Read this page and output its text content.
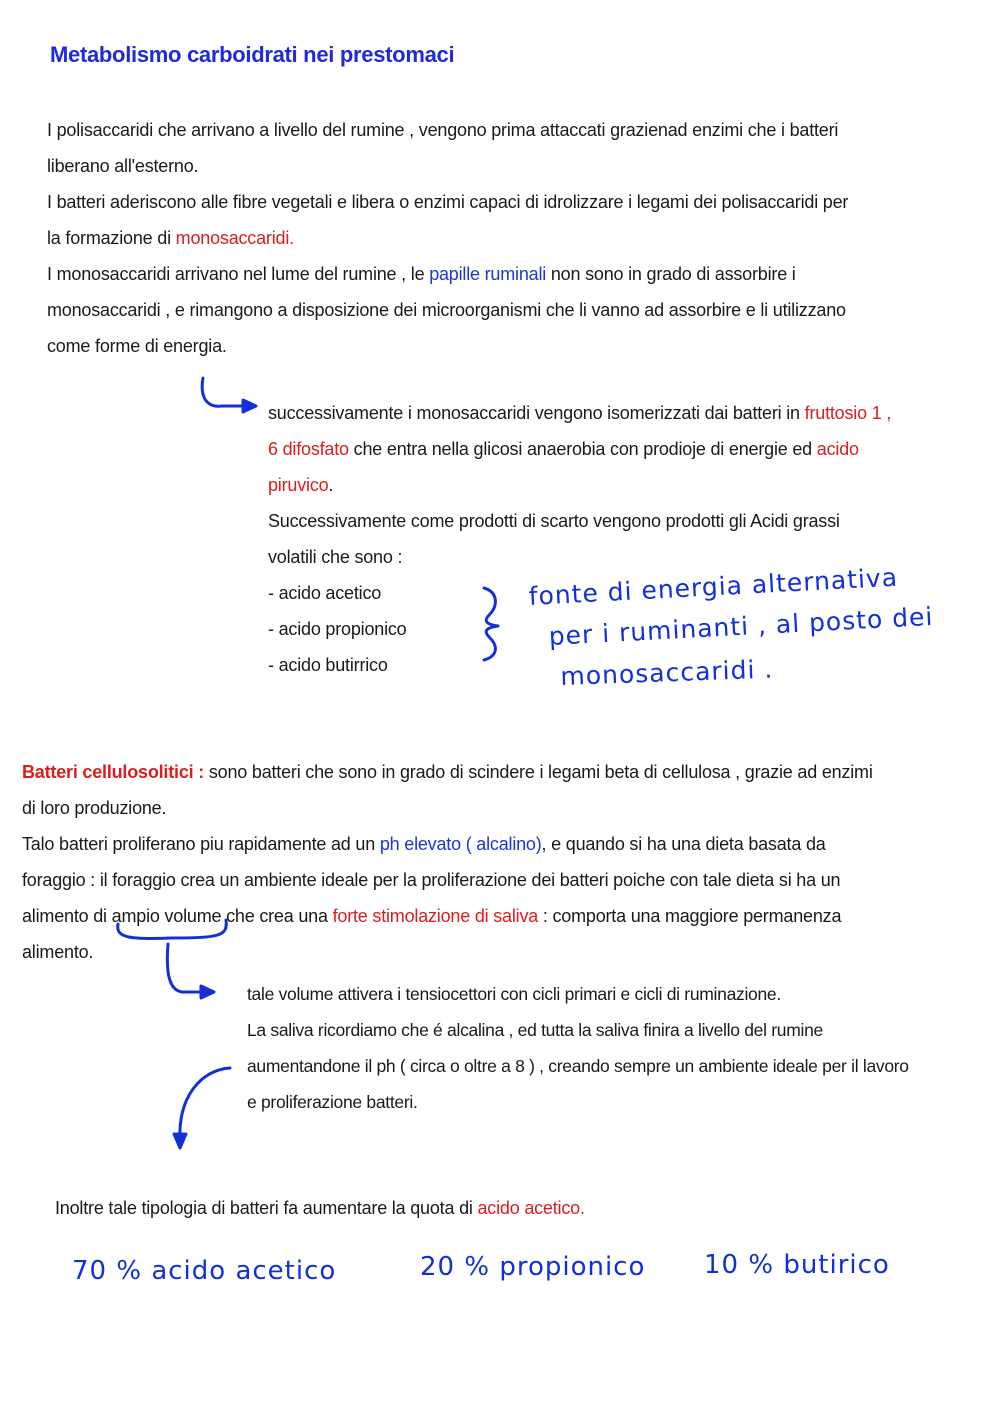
Metabolismo carboidrati nei prestomaci
I polisaccaridi che arrivano a livello del rumine , vengono prima attaccati grazienad enzimi che i batteri
liberano all'esterno.
I batteri aderiscono alle fibre vegetali e libera o enzimi capaci di idrolizzare i legami dei polisaccaridi per
la formazione di monosaccaridi.
I monosaccaridi arrivano nel lume del rumine , le papille ruminali non sono in grado di assorbire i
monosaccaridi , e rimangono a disposizione dei microorganismi che li vanno ad assorbire e li utilizzano
come forme di energia.
successivamente i monosaccaridi vengono isomerizzati dai batteri in fruttosio 1 ,
6 difosfato che entra nella glicosi anaerobia con prodioje di energie ed acido
piruvico.
Successivamente come prodotti di scarto vengono prodotti gli Acidi grassi
volatili che sono :
- acido acetico
- acido propionico
- acido butirrico
fonte di energia alternativa
per i ruminanti , al posto dei
monosaccaridi .
Batteri cellulosolitici : sono batteri che sono in grado di scindere i legami beta di cellulosa , grazie ad enzimi
di loro produzione.
Talo batteri proliferano piu rapidamente ad un ph elevato ( alcalino), e quando si ha una dieta basata da
foraggio : il foraggio crea un ambiente ideale per la proliferazione dei batteri poiche con tale dieta si ha un
alimento di ampio volume che crea una forte stimolazione di saliva : comporta una maggiore permanenza
alimento.
tale volume attivera i tensiocettori con cicli primari e cicli di ruminazione.
La saliva ricordiamo che é alcalina , ed tutta la saliva finira a livello del rumine
aumentandone il ph ( circa o oltre a 8 ) , creando sempre un ambiente ideale per il lavoro
e proliferazione batteri.
Inoltre tale tipologia di batteri fa aumentare la quota di acido acetico.
70 % acido acetico	20 % propionico 10 % butirico
